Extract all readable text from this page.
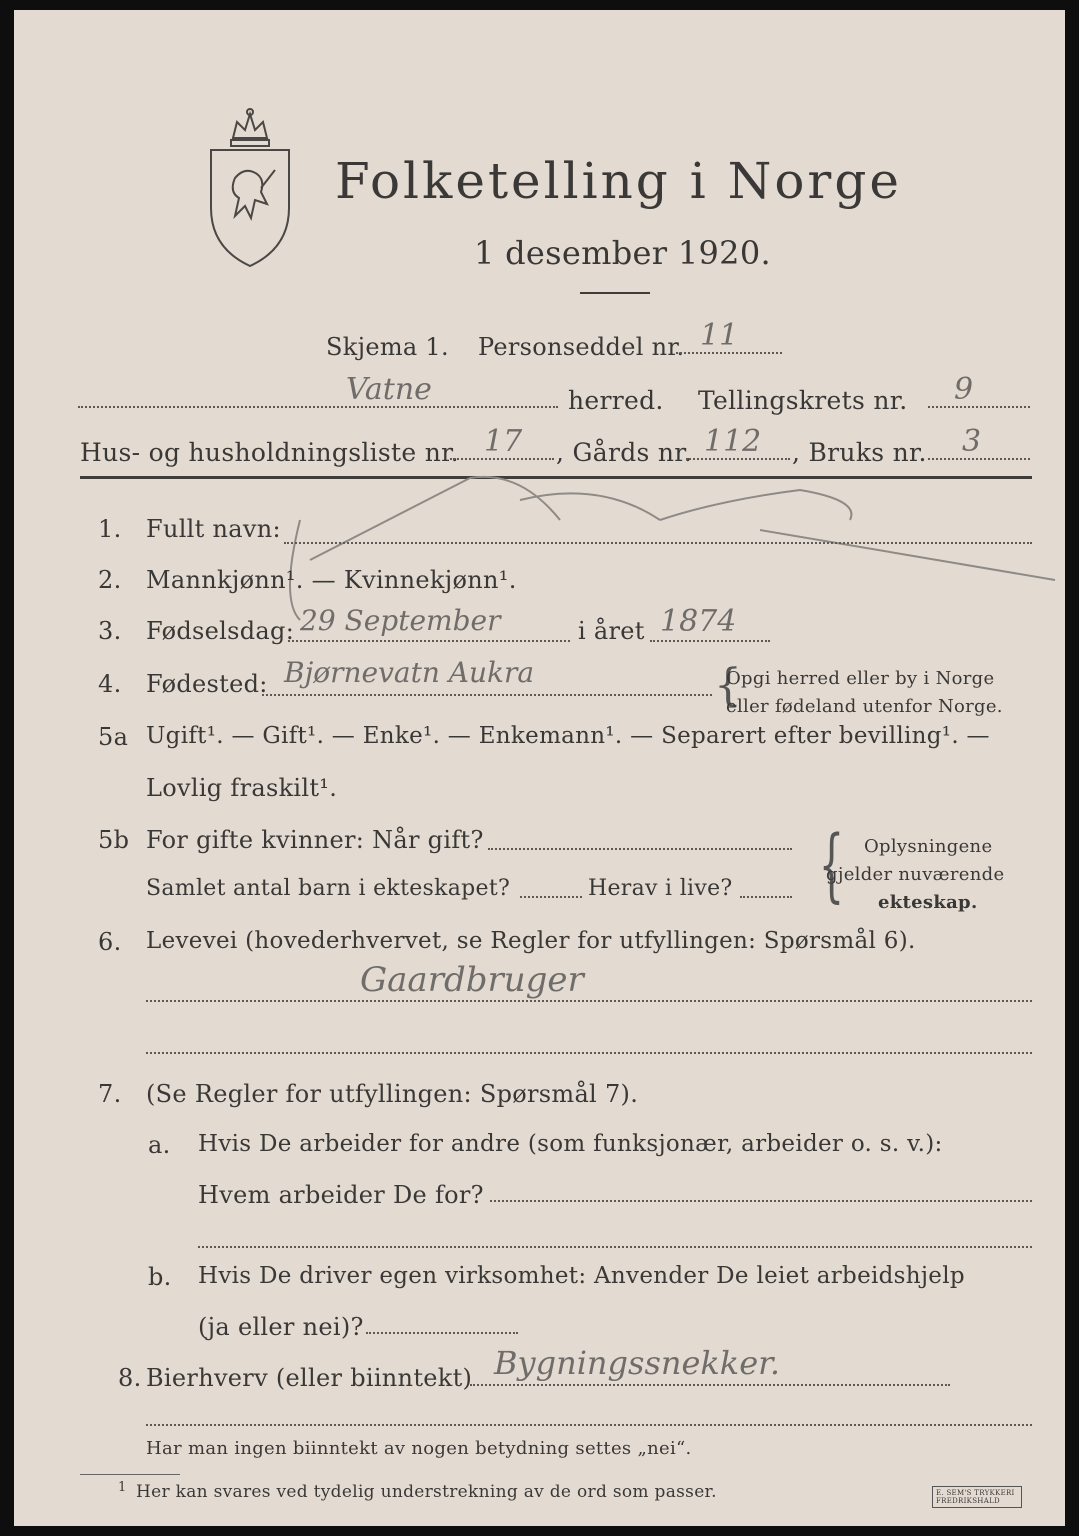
Folketelling i Norge
1 desember 1920.
Skjema 1. Personseddel nr. 11
Vatne	herred. Tellingskrets nr. 9
Hus- og husholdningsliste nr. 17 , Gårds nr. 112 , Bruks nr. 3
1. Fullt navn:
2. Mannkjønn¹. — Kvinnekjønn¹.
3. Fødselsdag: 29 September	i året 1874
4. Fødested: Bjørnevatn Aukra	{
Opgi herred eller by i Norge
eller fødeland utenfor Norge.
5a Ugift¹. — Gift¹. — Enke¹. — Enkemann¹. — Separert efter bevilling¹. —
Lovlig fraskilt¹.
5b For gifte kvinner: Når gift?
Samlet antal barn i ekteskapet?	Herav i live? { Oplysningene
gjelder nuværende
ekteskap.
6. Levevei (hovederhvervet, se Regler for utfyllingen: Spørsmål 6).
Gaardbruger
7. (Se Regler for utfyllingen: Spørsmål 7).
a. Hvis De arbeider for andre (som funksjonær, arbeider o. s. v.):
Hvem arbeider De for?
b. Hvis De driver egen virksomhet: Anvender De leiet arbeidshjelp
(ja eller nei)?
8. Bierhverv (eller biinntekt) Bygningssnekker.
Har man ingen biinntekt av nogen betydning settes „nei“.
1 Her kan svares ved tydelig understrekning av de ord som passer.	E. SEM'S TRYKKERI FREDRIKSHALD
